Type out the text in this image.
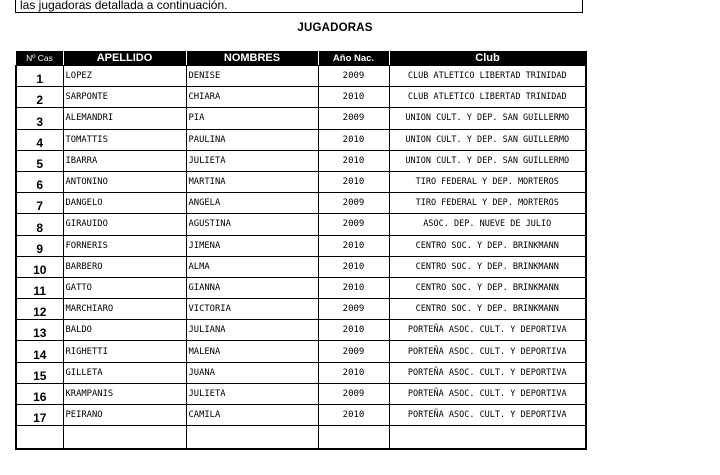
las jugadoras detallada a continuación.
JUGADORAS
Nº Cas	APELLIDO	NOMBRES	Año Nac.	Club
1	LOPEZ	DENISE	2009	CLUB ATLETICO LIBERTAD TRINIDAD
2	SARPONTE	CHIARA	2010	CLUB ATLETICO LIBERTAD TRINIDAD
3	ALEMANDRI	PIA	2009	UNION CULT. Y DEP. SAN GUILLERMO
4	TOMATTIS	PAULINA	2010	UNION CULT. Y DEP. SAN GUILLERMO
5	IBARRA	JULIETA	2010	UNION CULT. Y DEP. SAN GUILLERMO
6	ANTONINO	MARTINA	2010	TIRO FEDERAL Y DEP. MORTEROS
7	DANGELO	ANGELA	2009	TIRO FEDERAL Y DEP. MORTEROS
8	GIRAUIDO	AGUSTINA	2009	ASOC. DEP. NUEVE DE JULIO
9	FORNERIS	JIMENA	2010	CENTRO SOC. Y DEP. BRINKMANN
10	BARBERO	ALMA	2010	CENTRO SOC. Y DEP. BRINKMANN
11	GATTO	GIANNA	2010	CENTRO SOC. Y DEP. BRINKMANN
12	MARCHIARO	VICTORIA	2009	CENTRO SOC. Y DEP. BRINKMANN
13	BALDO	JULIANA	2010	PORTEÑA ASOC. CULT. Y DEPORTIVA
14	RIGHETTI	MALENA	2009	PORTEÑA ASOC. CULT. Y DEPORTIVA
15	GILLETA	JUANA	2010	PORTEÑA ASOC. CULT. Y DEPORTIVA
16	KRAMPANIS	JULIETA	2009	PORTEÑA ASOC. CULT. Y DEPORTIVA
17	PEIRANO	CAMILA	2010	PORTEÑA ASOC. CULT. Y DEPORTIVA
